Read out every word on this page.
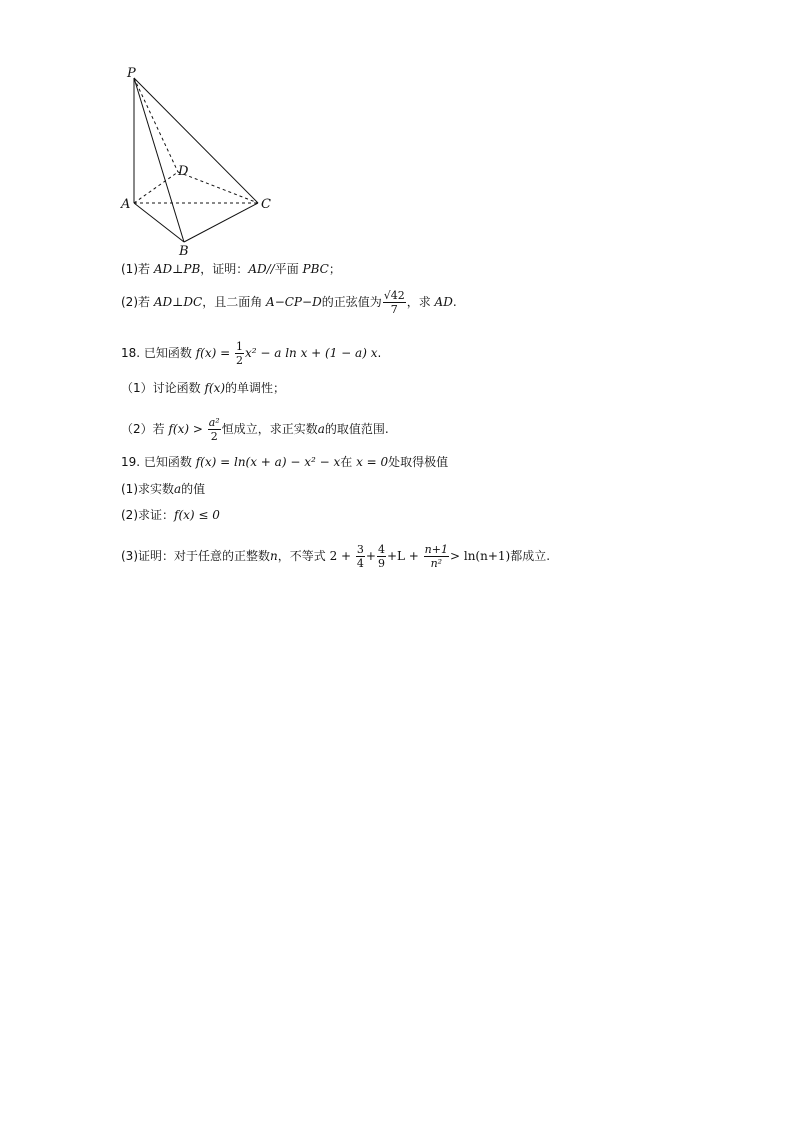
P
D
A	C
B
(1)若 AD⊥PB，证明：AD//平面 PBC；
(2)若 AD⊥DC，且二面角 A−CP−D的正弦值为 $\frac{√42}{7}$ ，求 AD.
18. 已知函数 $f(x) = \frac{1}{2} x^2 - a$ ln x + (1 − a) x.
（1）讨论函数 f(x)的单调性；
（2）若 $f(x) > \frac{\text{a²}}{2}$ 恒成立，求正实数a的取值范围.
19. 已知函数 f(x) = ln(x + a) − x² − x在 x = 0处取得极值
(1)求实数a的值
(2)求证：f(x) ≤ 0
(3)证明：对于任意的正整数n，不等式 $2 + \frac{3}{4} + \frac{4}{9} +L + \frac{n+1}{\text{n²}} > \ln(n+1)$都成立.
